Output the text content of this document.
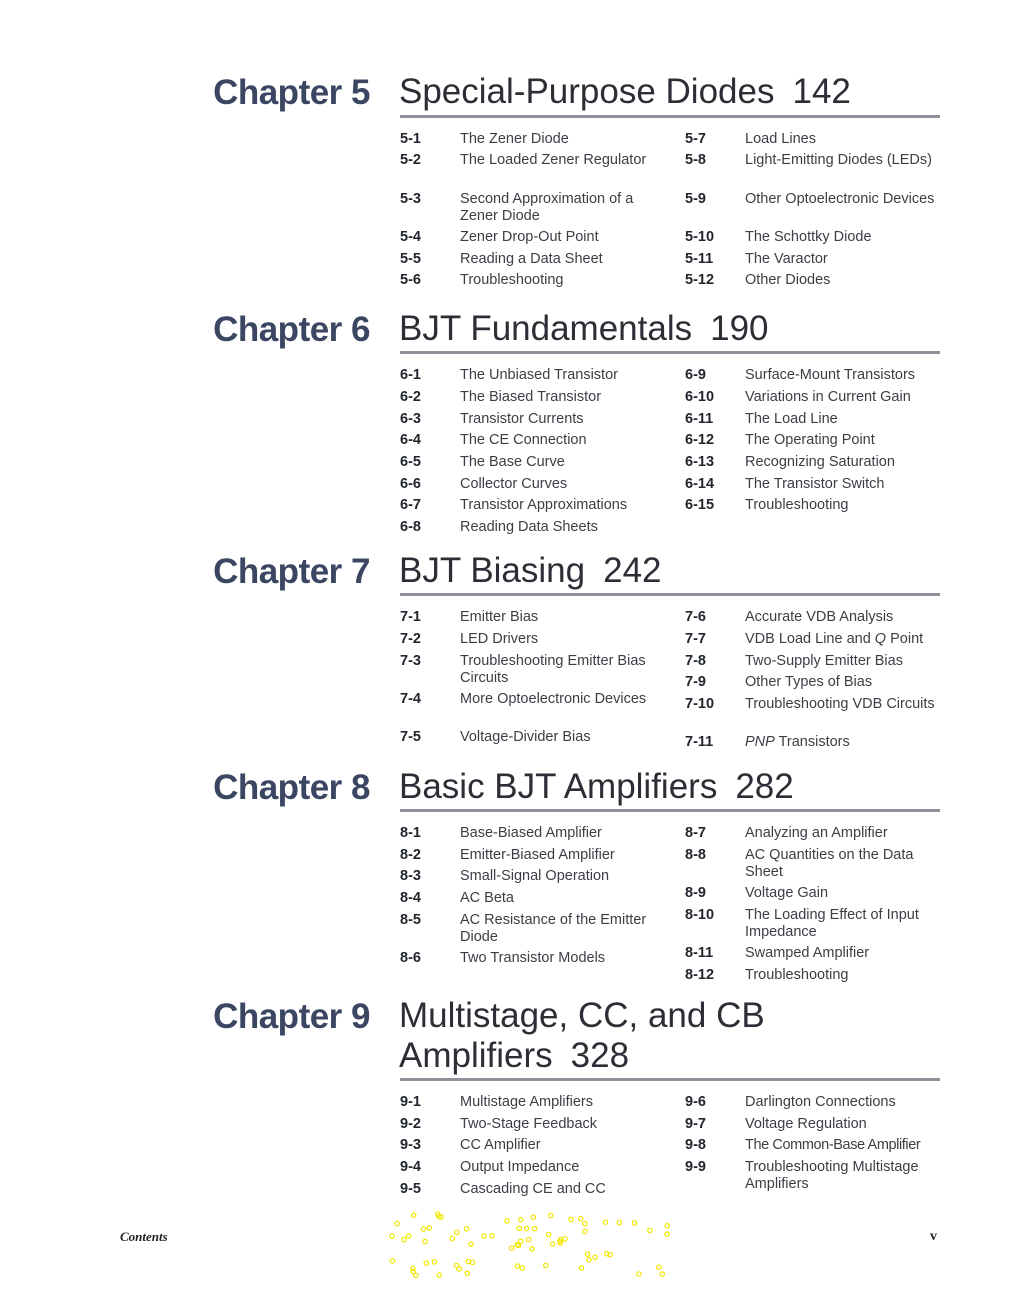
Chapter 5 Special-Purpose Diodes 142
5-1	The Zener Diode
5-2	The Loaded Zener Regulator
5-3	Second Approximation of a Zener Diode
5-4	Zener Drop-Out Point
5-5	Reading a Data Sheet
5-6	Troubleshooting
5-7	Load Lines
5-8	Light-Emitting Diodes (LEDs)
5-9	Other Optoelectronic Devices
5-10 The Schottky Diode
5-11 The Varactor
5-12 Other Diodes
Chapter 6 BJT Fundamentals 190
6-1	The Unbiased Transistor
6-2	The Biased Transistor
6-3	Transistor Currents
6-4	The CE Connection
6-5	The Base Curve
6-6	Collector Curves
6-7	Transistor Approximations
6-8	Reading Data Sheets
6-9	Surface-Mount Transistors
6-10 Variations in Current Gain
6-11 The Load Line
6-12 The Operating Point
6-13 Recognizing Saturation
6-14 The Transistor Switch
6-15 Troubleshooting
Chapter 7 BJT Biasing 242
7-1	Emitter Bias
7-2	LED Drivers
7-3	Troubleshooting Emitter Bias Circuits
7-4	More Optoelectronic Devices
7-5	Voltage-Divider Bias
7-6	Accurate VDB Analysis
7-7	VDB Load Line and Q Point
7-8	Two-Supply Emitter Bias
7-9	Other Types of Bias
7-10 Troubleshooting VDB Circuits
7-11 PNP Transistors
Chapter 8 Basic BJT Amplifiers 282
8-1	Base-Biased Amplifier
8-2	Emitter-Biased Amplifier
8-3	Small-Signal Operation
8-4	AC Beta
8-5	AC Resistance of the Emitter Diode
8-6	Two Transistor Models
8-7	Analyzing an Amplifier
8-8	AC Quantities on the Data Sheet
8-9	Voltage Gain
8-10 The Loading Effect of Input Impedance
8-11 Swamped Amplifier
8-12 Troubleshooting
Chapter 9 Multistage, CC, and CB
Amplifiers 328
9-1	Multistage Amplifiers
9-2	Two-Stage Feedback
9-3	CC Amplifier
9-4	Output Impedance
9-5	Cascading CE and CC
9-6	Darlington Connections
9-7	Voltage Regulation
9-8	The Common-Base Amplifier
9-9	Troubleshooting Multistage Amplifiers
Contents	v
